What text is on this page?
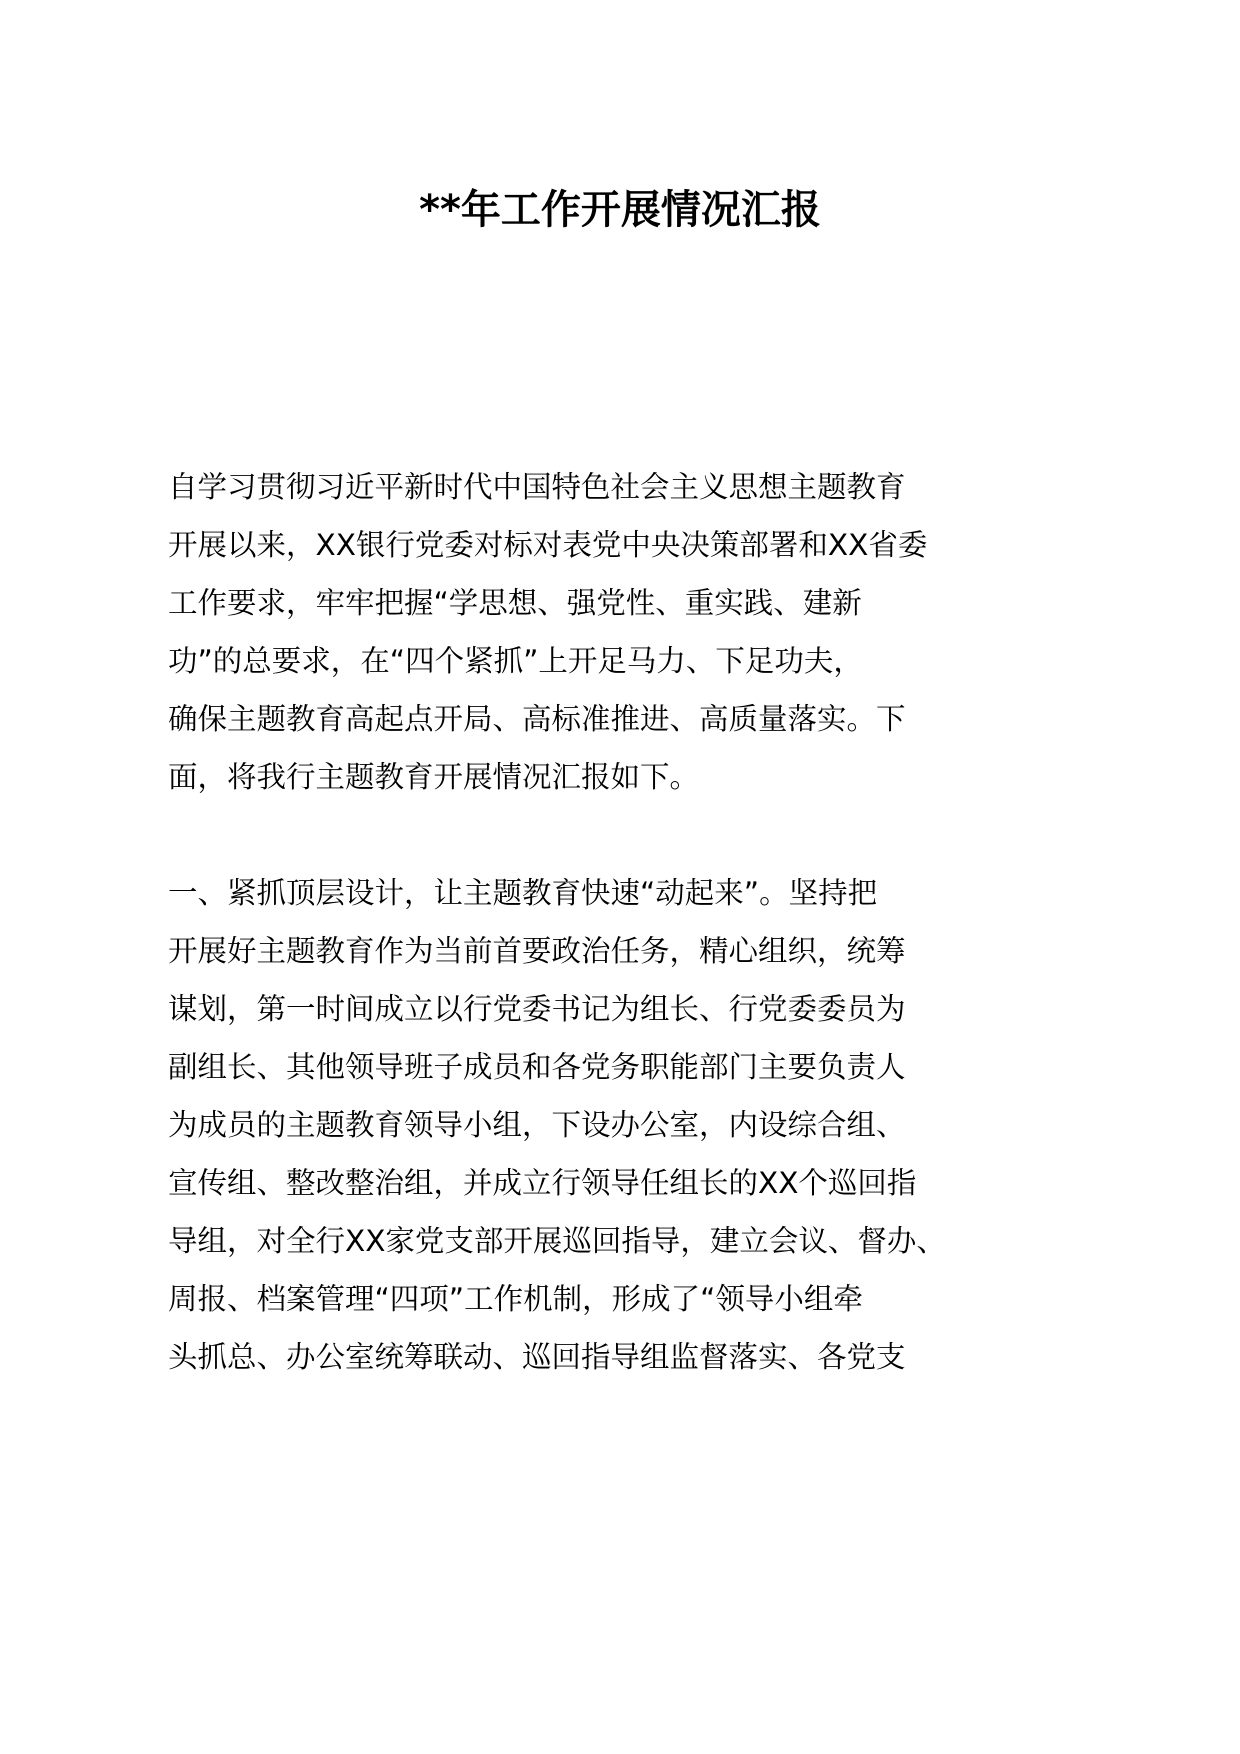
**年工作开展情况汇报
自学习贯彻习近平新时代中国特色社会主义思想主题教育
开展以来，XX银行党委对标对表党中央决策部署和XX省委
工作要求，牢牢把握“学思想、强党性、重实践、建新
功”的总要求，在“四个紧抓”上开足马力、下足功夫，
确保主题教育高起点开局、高标准推进、高质量落实。下
面，将我行主题教育开展情况汇报如下。
一、紧抓顶层设计，让主题教育快速“动起来”。坚持把
开展好主题教育作为当前首要政治任务，精心组织，统筹
谋划，第一时间成立以行党委书记为组长、行党委委员为
副组长、其他领导班子成员和各党务职能部门主要负责人
为成员的主题教育领导小组，下设办公室，内设综合组、
宣传组、整改整治组，并成立行领导任组长的XX个巡回指
导组，对全行XX家党支部开展巡回指导，建立会议、督办、
周报、档案管理“四项”工作机制，形成了“领导小组牵
头抓总、办公室统筹联动、巡回指导组监督落实、各党支
